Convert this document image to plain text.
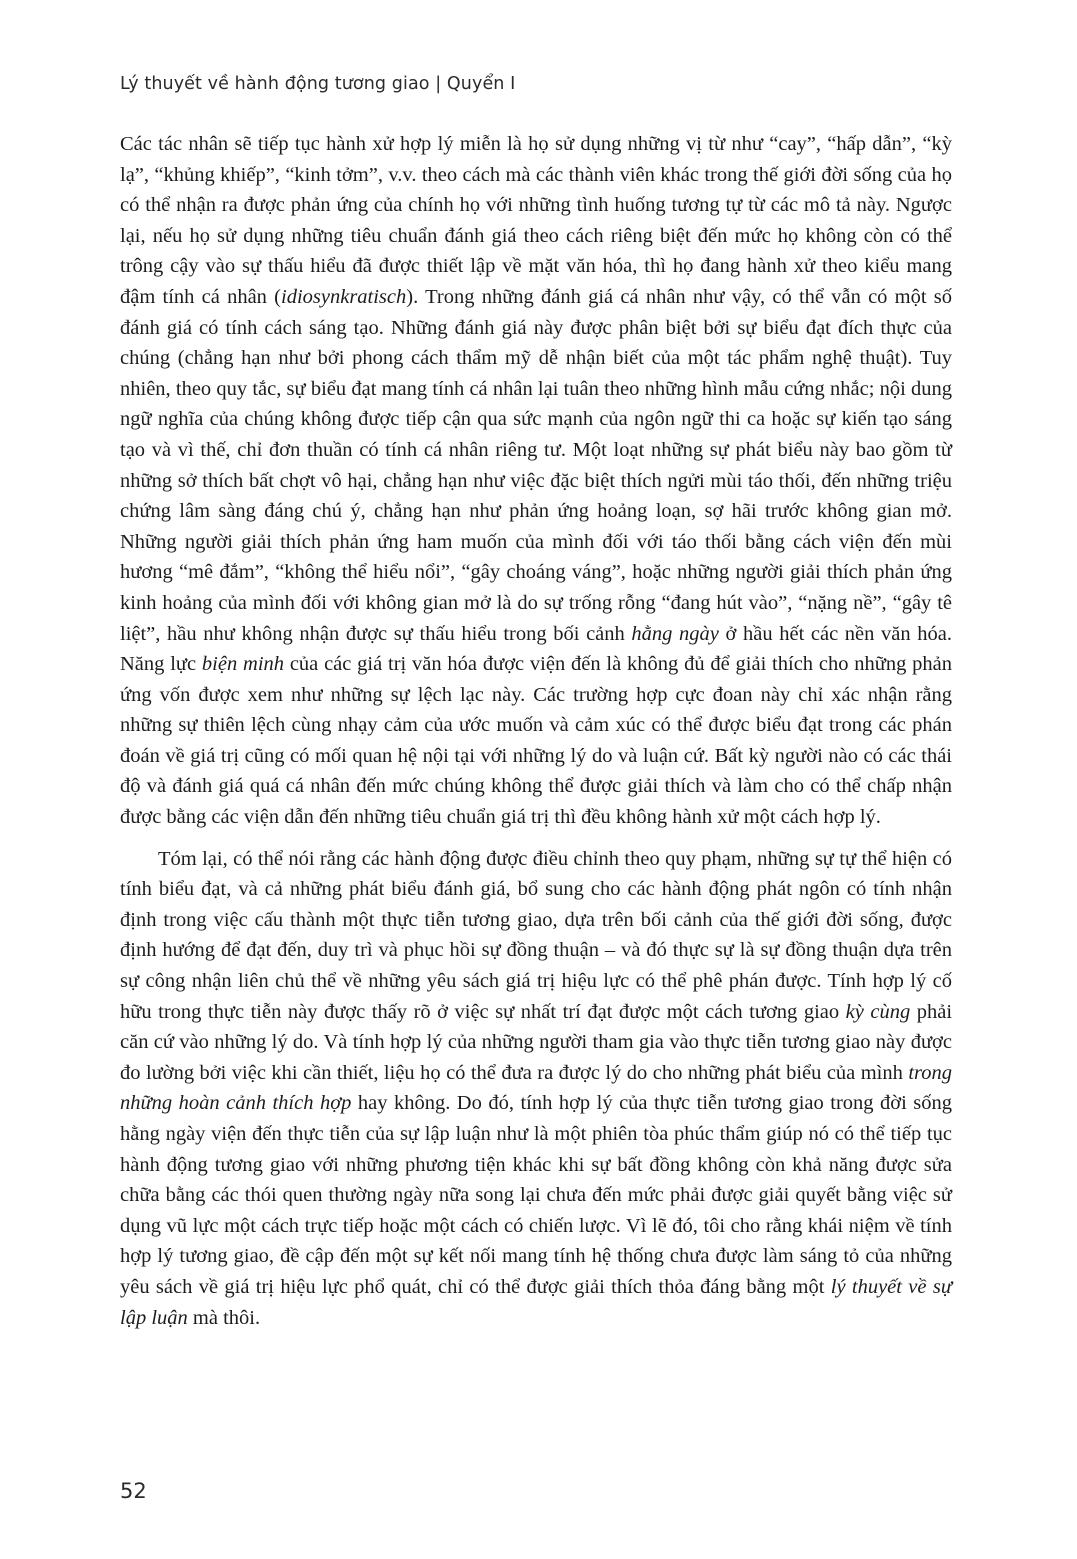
Lý thuyết về hành động tương giao | Quyển I

Các tác nhân sẽ tiếp tục hành xử hợp lý miễn là họ sử dụng những vị từ như “cay”, “hấp dẫn”, “kỳ lạ”, “khủng khiếp”, “kinh tởm”, v.v. theo cách mà các thành viên khác trong thế giới đời sống của họ có thể nhận ra được phản ứng của chính họ với những tình huống tương tự từ các mô tả này. Ngược lại, nếu họ sử dụng những tiêu chuẩn đánh giá theo cách riêng biệt đến mức họ không còn có thể trông cậy vào sự thấu hiểu đã được thiết lập về mặt văn hóa, thì họ đang hành xử theo kiểu mang đậm tính cá nhân (idiosynkratisch). Trong những đánh giá cá nhân như vậy, có thể vẫn có một số đánh giá có tính cách sáng tạo. Những đánh giá này được phân biệt bởi sự biểu đạt đích thực của chúng (chẳng hạn như bởi phong cách thẩm mỹ dễ nhận biết của một tác phẩm nghệ thuật). Tuy nhiên, theo quy tắc, sự biểu đạt mang tính cá nhân lại tuân theo những hình mẫu cứng nhắc; nội dung ngữ nghĩa của chúng không được tiếp cận qua sức mạnh của ngôn ngữ thi ca hoặc sự kiến tạo sáng tạo và vì thế, chỉ đơn thuần có tính cá nhân riêng tư. Một loạt những sự phát biểu này bao gồm từ những sở thích bất chợt vô hại, chẳng hạn như việc đặc biệt thích ngửi mùi táo thối, đến những triệu chứng lâm sàng đáng chú ý, chẳng hạn như phản ứng hoảng loạn, sợ hãi trước không gian mở. Những người giải thích phản ứng ham muốn của mình đối với táo thối bằng cách viện đến mùi hương “mê đắm”, “không thể hiểu nổi”, “gây choáng váng”, hoặc những người giải thích phản ứng kinh hoảng của mình đối với không gian mở là do sự trống rỗng “đang hút vào”, “nặng nề”, “gây tê liệt”, hầu như không nhận được sự thấu hiểu trong bối cảnh hằng ngày ở hầu hết các nền văn hóa. Năng lực biện minh của các giá trị văn hóa được viện đến là không đủ để giải thích cho những phản ứng vốn được xem như những sự lệch lạc này. Các trường hợp cực đoan này chỉ xác nhận rằng những sự thiên lệch cùng nhạy cảm của ước muốn và cảm xúc có thể được biểu đạt trong các phán đoán về giá trị cũng có mối quan hệ nội tại với những lý do và luận cứ. Bất kỳ người nào có các thái độ và đánh giá quá cá nhân đến mức chúng không thể được giải thích và làm cho có thể chấp nhận được bằng các viện dẫn đến những tiêu chuẩn giá trị thì đều không hành xử một cách hợp lý.

Tóm lại, có thể nói rằng các hành động được điều chỉnh theo quy phạm, những sự tự thể hiện có tính biểu đạt, và cả những phát biểu đánh giá, bổ sung cho các hành động phát ngôn có tính nhận định trong việc cấu thành một thực tiễn tương giao, dựa trên bối cảnh của thế giới đời sống, được định hướng để đạt đến, duy trì và phục hồi sự đồng thuận – và đó thực sự là sự đồng thuận dựa trên sự công nhận liên chủ thể về những yêu sách giá trị hiệu lực có thể phê phán được. Tính hợp lý cố hữu trong thực tiễn này được thấy rõ ở việc sự nhất trí đạt được một cách tương giao kỳ cùng phải căn cứ vào những lý do. Và tính hợp lý của những người tham gia vào thực tiễn tương giao này được đo lường bởi việc khi cần thiết, liệu họ có thể đưa ra được lý do cho những phát biểu của mình trong những hoàn cảnh thích hợp hay không. Do đó, tính hợp lý của thực tiễn tương giao trong đời sống hằng ngày viện đến thực tiễn của sự lập luận như là một phiên tòa phúc thẩm giúp nó có thể tiếp tục hành động tương giao với những phương tiện khác khi sự bất đồng không còn khả năng được sửa chữa bằng các thói quen thường ngày nữa song lại chưa đến mức phải được giải quyết bằng việc sử dụng vũ lực một cách trực tiếp hoặc một cách có chiến lược. Vì lẽ đó, tôi cho rằng khái niệm về tính hợp lý tương giao, đề cập đến một sự kết nối mang tính hệ thống chưa được làm sáng tỏ của những yêu sách về giá trị hiệu lực phổ quát, chỉ có thể được giải thích thỏa đáng bằng một lý thuyết về sự lập luận mà thôi.

52
